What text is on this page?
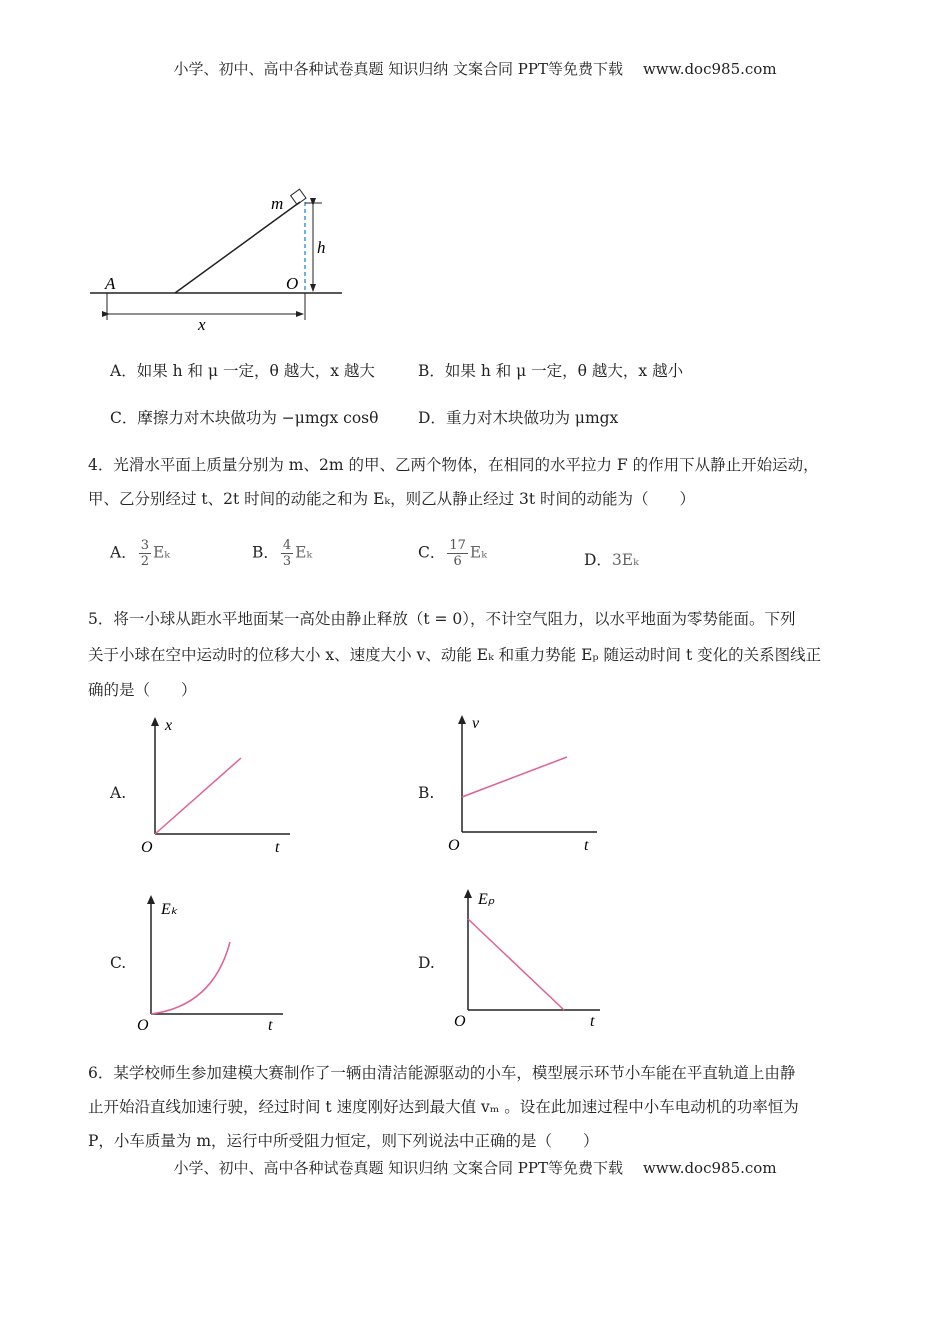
小学、初中、高中各种试卷真题 知识归纳 文案合同 PPT等免费下载 www.doc985.com
m
h
A	O
x
A．如果 h 和 μ 一定，θ 越大，x 越大	B．如果 h 和 μ 一定，θ 越大，x 越小
C．摩擦力对木块做功为 −μmgx cosθ	D．重力对木块做功为 μmgx
4．光滑水平面上质量分别为 m、2m 的甲、乙两个物体，在相同的水平拉力 F 的作用下从静止开始运动，
甲、乙分别经过 t、2t 时间的动能之和为 Eₖ，则乙从静止经过 3t 时间的动能为（　　）
A． $\frac{3}{2}$ Eₖ	B． $\frac{4}{3}$ Eₖ	C． $\frac{17}{6}$ Eₖ	D．3Eₖ
5．将一小球从距水平地面某一高处由静止释放（t = 0），不计空气阻力，以水平地面为零势能面。下列
关于小球在空中运动时的位移大小 x、速度大小 v、动能 Eₖ 和重力势能 Eₚ 随运动时间 t 变化的关系图线正
确的是（　　）
A.
x
t
O
B.
v
t
O
C.
Eₖ
t
O
D.
Eₚ
t
O
6．某学校师生参加建模大赛制作了一辆由清洁能源驱动的小车，模型展示环节小车能在平直轨道上由静
止开始沿直线加速行驶，经过时间 t 速度刚好达到最大值 vₘ 。设在此加速过程中小车电动机的功率恒为
P，小车质量为 m，运行中所受阻力恒定，则下列说法中正确的是（　　）
小学、初中、高中各种试卷真题 知识归纳 文案合同 PPT等免费下载 www.doc985.com
